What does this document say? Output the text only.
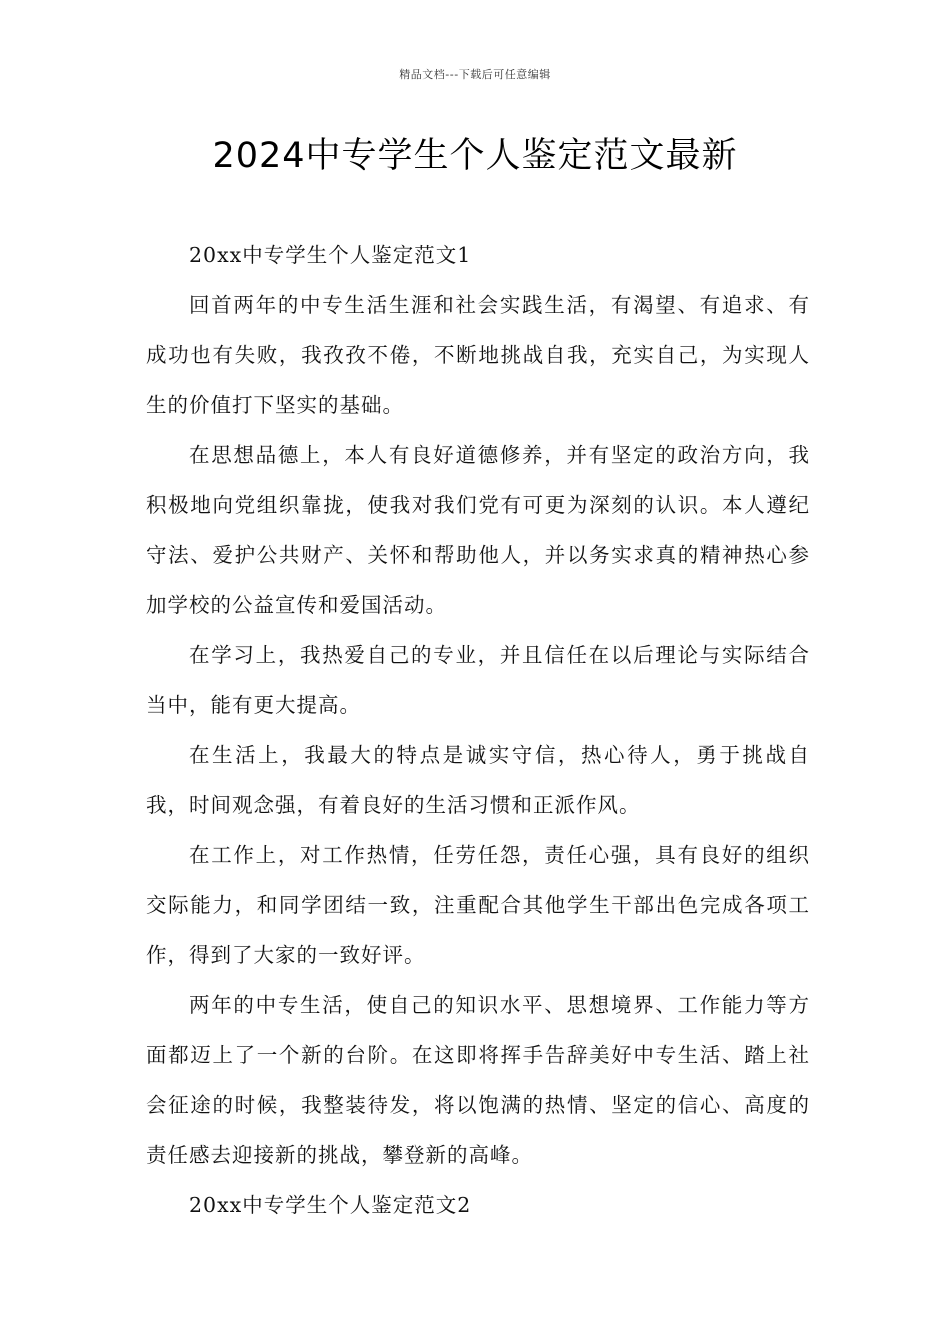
精品文档---下载后可任意编辑
2024中专学生个人鉴定范文最新

20xx中专学生个人鉴定范文1

回首两年的中专生活生涯和社会实践生活，有渴望、有追求、有成功也有失败，我孜孜不倦，不断地挑战自我，充实自己，为实现人生的价值打下坚实的基础。

在思想品德上，本人有良好道德修养，并有坚定的政治方向，我积极地向党组织靠拢，使我对我们党有可更为深刻的认识。本人遵纪守法、爱护公共财产、关怀和帮助他人，并以务实求真的精神热心参加学校的公益宣传和爱国活动。

在学习上，我热爱自己的专业，并且信任在以后理论与实际结合当中，能有更大提高。

在生活上，我最大的特点是诚实守信，热心待人，勇于挑战自我，时间观念强，有着良好的生活习惯和正派作风。

在工作上，对工作热情，任劳任怨，责任心强，具有良好的组织交际能力，和同学团结一致，注重配合其他学生干部出色完成各项工作，得到了大家的一致好评。

两年的中专生活，使自己的知识水平、思想境界、工作能力等方面都迈上了一个新的台阶。在这即将挥手告辞美好中专生活、踏上社会征途的时候，我整装待发，将以饱满的热情、坚定的信心、高度的责任感去迎接新的挑战，攀登新的高峰。

20xx中专学生个人鉴定范文2
